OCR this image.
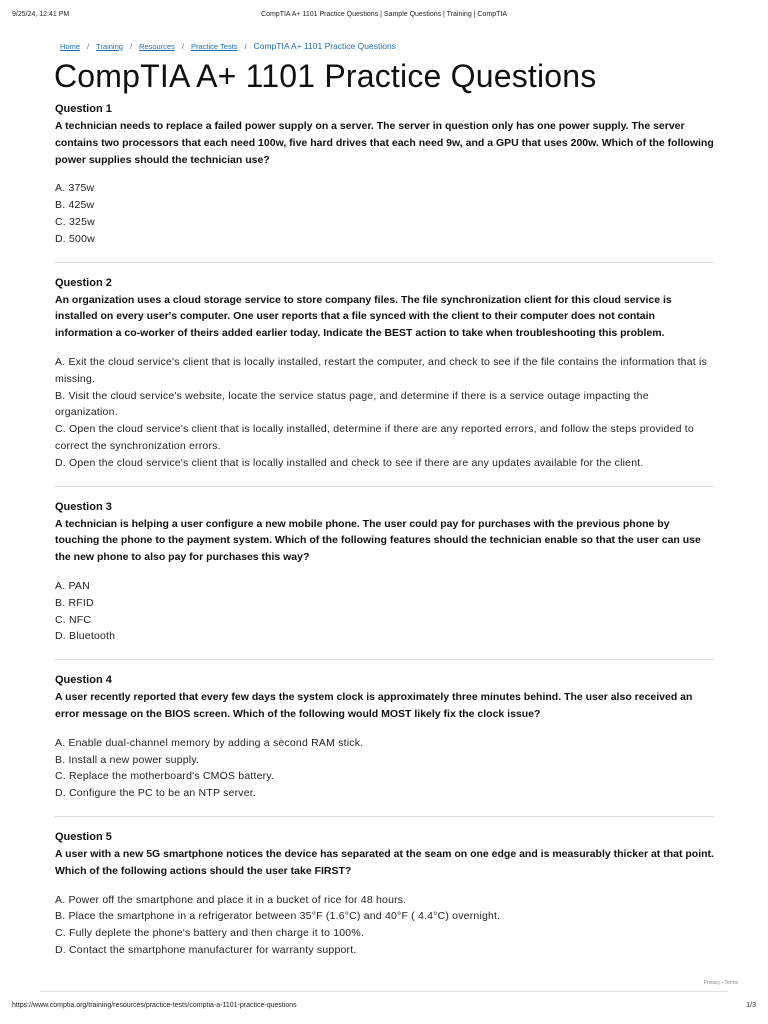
9/25/24, 12:41 PM	CompTIA A+ 1101 Practice Questions | Sample Questions | Training | CompTIA
Home / Training / Resources / Practice Tests / CompTIA A+ 1101 Practice Questions
CompTIA A+ 1101 Practice Questions
Question 1

A technician needs to replace a failed power supply on a server. The server in question only has one power supply. The server contains two processors that each need 100w, five hard drives that each need 9w, and a GPU that uses 200w. Which of the following power supplies should the technician use?

A. 375w
B. 425w
C. 325w
D. 500w
Question 2

An organization uses a cloud storage service to store company files. The file synchronization client for this cloud service is installed on every user's computer. One user reports that a file synced with the client to their computer does not contain information a co-worker of theirs added earlier today. Indicate the BEST action to take when troubleshooting this problem.

A. Exit the cloud service's client that is locally installed, restart the computer, and check to see if the file contains the information that is missing.
B. Visit the cloud service's website, locate the service status page, and determine if there is a service outage impacting the organization.
C. Open the cloud service's client that is locally installed, determine if there are any reported errors, and follow the steps provided to correct the synchronization errors.
D. Open the cloud service's client that is locally installed and check to see if there are any updates available for the client.
Question 3

A technician is helping a user configure a new mobile phone. The user could pay for purchases with the previous phone by touching the phone to the payment system. Which of the following features should the technician enable so that the user can use the new phone to also pay for purchases this way?

A. PAN
B. RFID
C. NFC
D. Bluetooth
Question 4

A user recently reported that every few days the system clock is approximately three minutes behind. The user also received an error message on the BIOS screen. Which of the following would MOST likely fix the clock issue?

A. Enable dual-channel memory by adding a second RAM stick.
B. Install a new power supply.
C. Replace the motherboard's CMOS battery.
D. Configure the PC to be an NTP server.
Question 5

A user with a new 5G smartphone notices the device has separated at the seam on one edge and is measurably thicker at that point. Which of the following actions should the user take FIRST?

A. Power off the smartphone and place it in a bucket of rice for 48 hours.
B. Place the smartphone in a refrigerator between 35°F (1.6°C) and 40°F ( 4.4°C) overnight.
C. Fully deplete the phone's battery and then charge it to 100%.
D. Contact the smartphone manufacturer for warranty support.
Privacy - Terms
https://www.comptia.org/training/resources/practice-tests/comptia-a-1101-practice-questions	1/3
